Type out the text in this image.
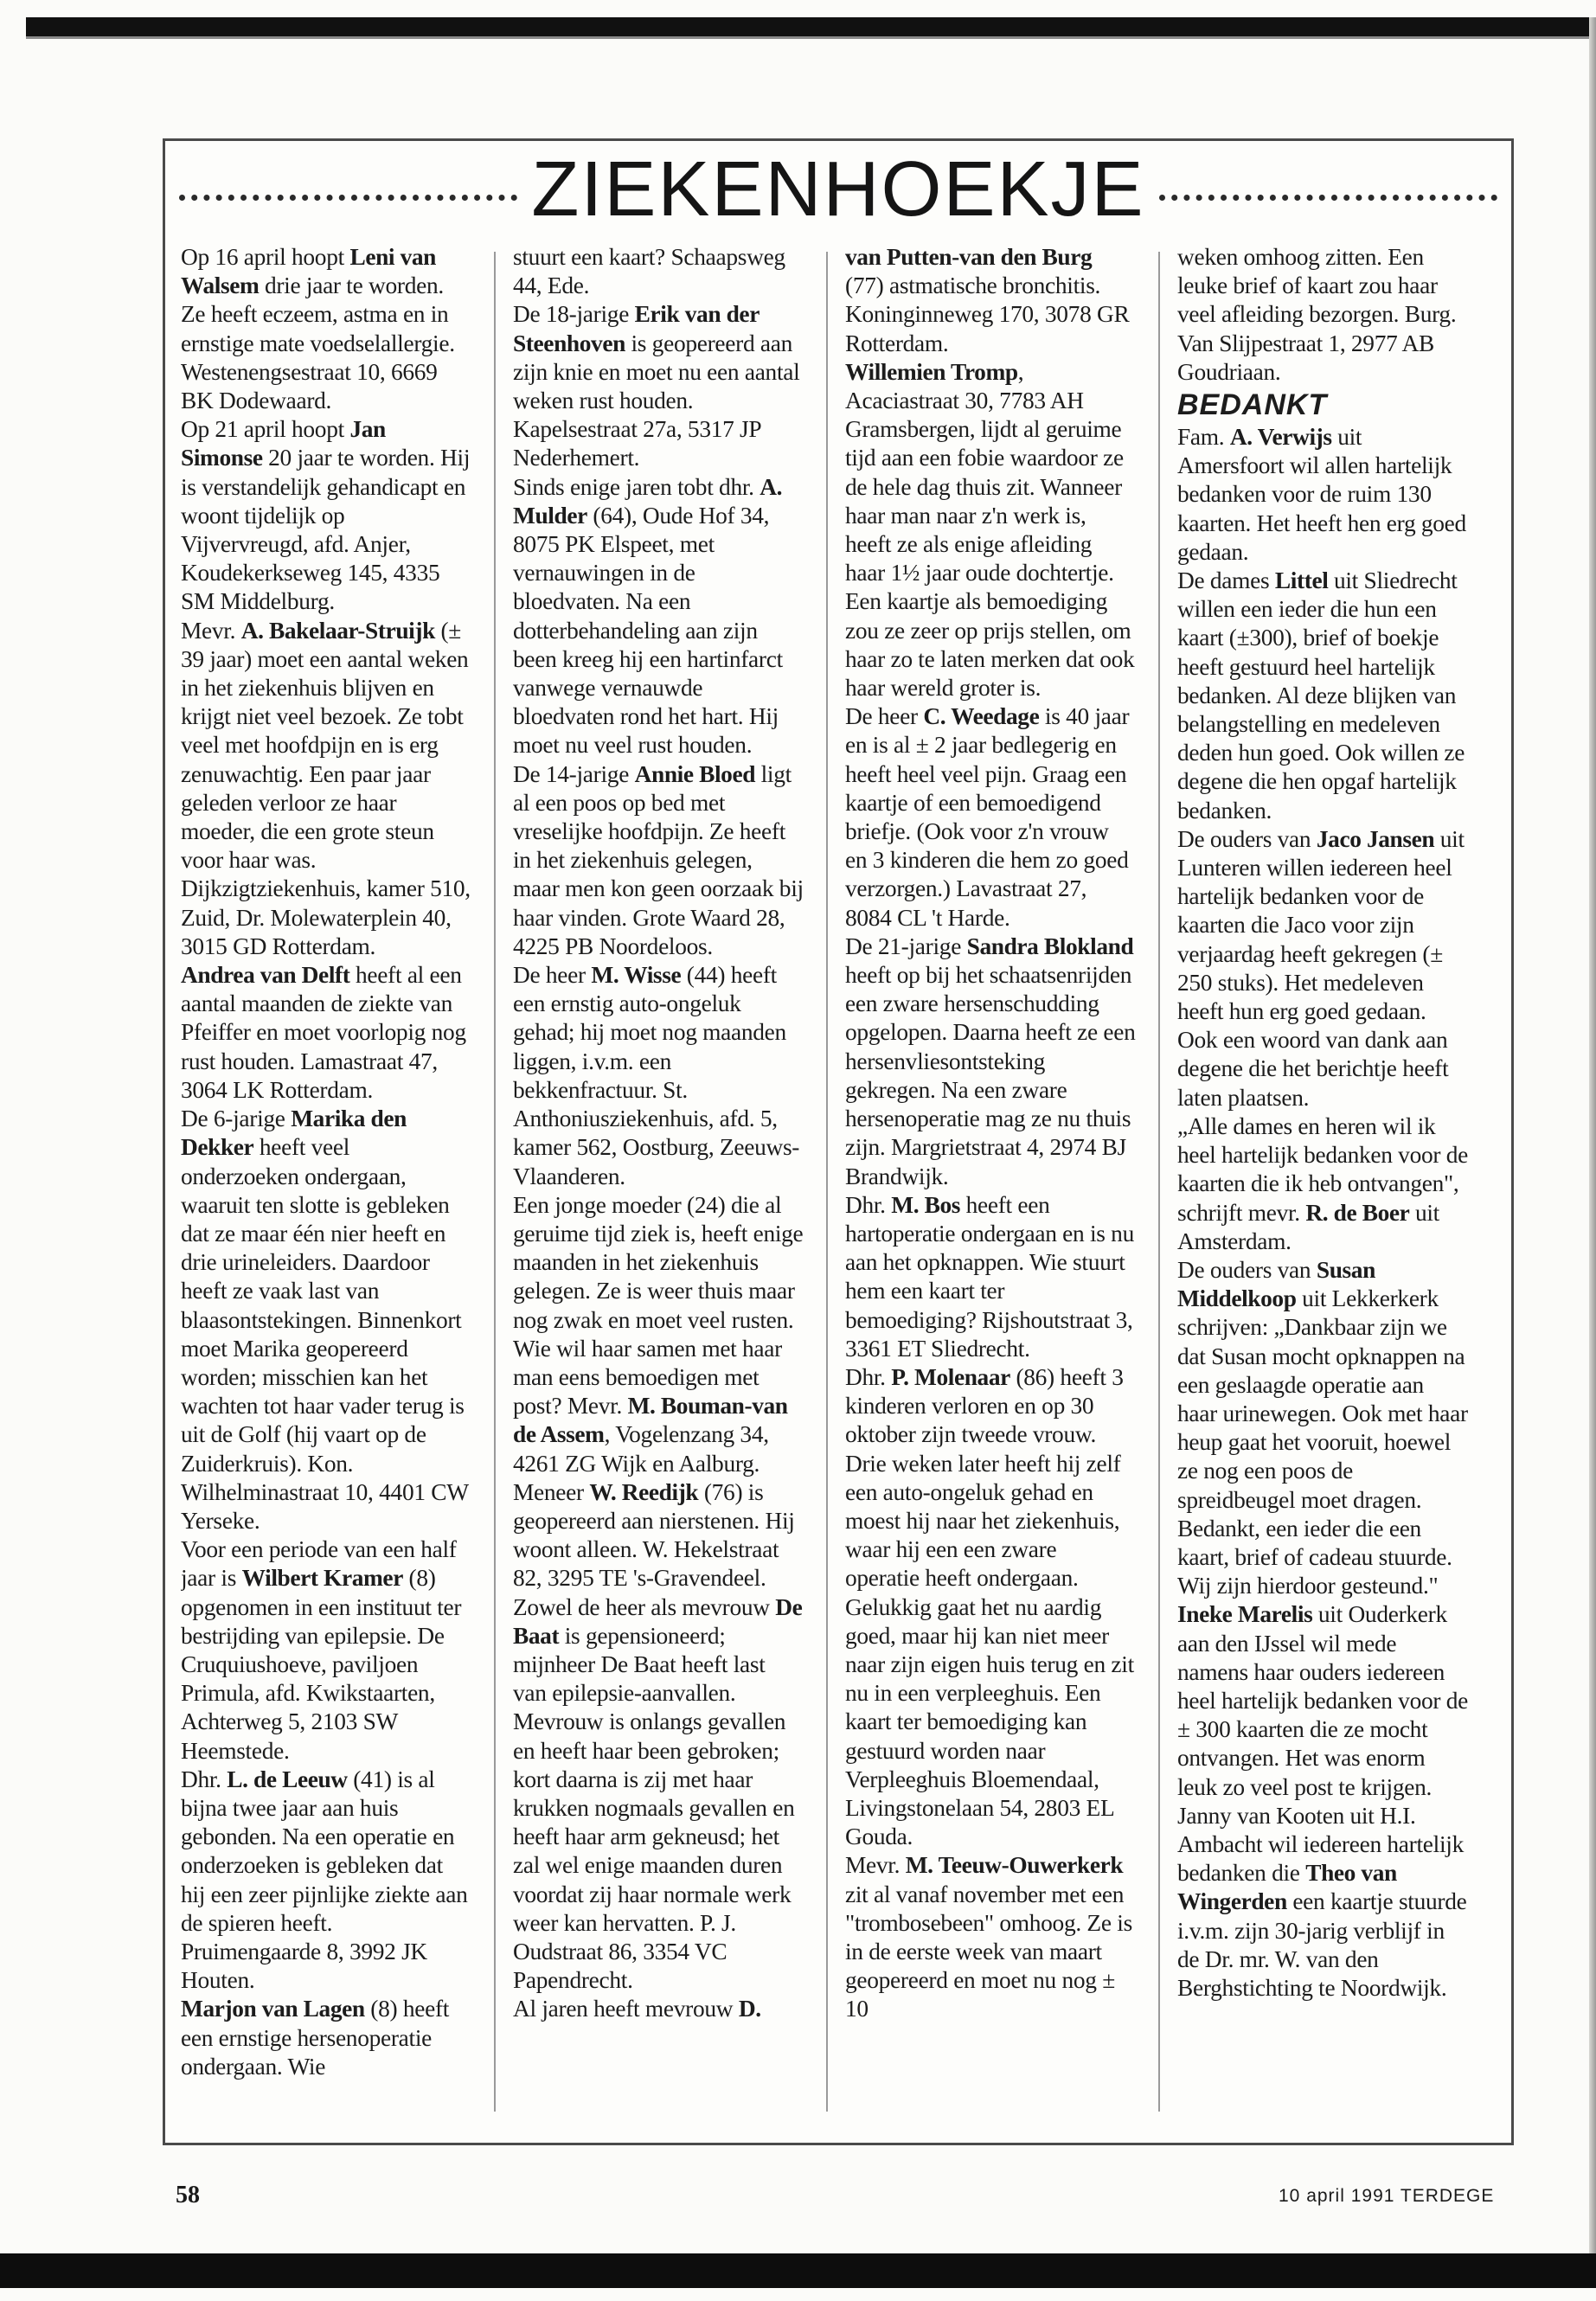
ZIEKENHOEKJE

Op 16 april hoopt Leni van Walsem drie jaar te worden. Ze heeft eczeem, astma en in ernstige mate voedselallergie. Westenengsestraat 10, 6669 BK Dodewaard.

Op 21 april hoopt Jan Simonse 20 jaar te worden. Hij is verstandelijk gehandicapt en woont tijdelijk op Vijvervreugd, afd. Anjer, Koudekerkseweg 145, 4335 SM Middelburg.

Mevr. A. Bakelaar-Struijk (± 39 jaar) moet een aantal weken in het ziekenhuis blijven en krijgt niet veel bezoek. Ze tobt veel met hoofdpijn en is erg zenuwachtig. Een paar jaar geleden verloor ze haar moeder, die een grote steun voor haar was. Dijkzigtziekenhuis, kamer 510, Zuid, Dr. Molewaterplein 40, 3015 GD Rotterdam.

Andrea van Delft heeft al een aantal maanden de ziekte van Pfeiffer en moet voorlopig nog rust houden. Lamastraat 47, 3064 LK Rotterdam.

De 6-jarige Marika den Dekker heeft veel onderzoeken ondergaan, waaruit ten slotte is gebleken dat ze maar één nier heeft en drie urineleiders. Daardoor heeft ze vaak last van blaasontstekingen. Binnenkort moet Marika geopereerd worden; misschien kan het wachten tot haar vader terug is uit de Golf (hij vaart op de Zuiderkruis). Kon. Wilhelminastraat 10, 4401 CW Yerseke.

Voor een periode van een half jaar is Wilbert Kramer (8) opgenomen in een instituut ter bestrijding van epilepsie. De Cruquiushoeve, paviljoen Primula, afd. Kwikstaarten, Achterweg 5, 2103 SW Heemstede.

Dhr. L. de Leeuw (41) is al bijna twee jaar aan huis gebonden. Na een operatie en onderzoeken is gebleken dat hij een zeer pijnlijke ziekte aan de spieren heeft. Pruimengaarde 8, 3992 JK Houten.

Marjon van Lagen (8) heeft een ernstige hersenoperatie ondergaan. Wie

stuurt een kaart? Schaapsweg 44, Ede.

De 18-jarige Erik van der Steenhoven is geopereerd aan zijn knie en moet nu een aantal weken rust houden. Kapelsestraat 27a, 5317 JP Nederhemert.

Sinds enige jaren tobt dhr. A. Mulder (64), Oude Hof 34, 8075 PK Elspeet, met vernauwingen in de bloedvaten. Na een dotterbehandeling aan zijn been kreeg hij een hartinfarct vanwege vernauwde bloedvaten rond het hart. Hij moet nu veel rust houden.

De 14-jarige Annie Bloed ligt al een poos op bed met vreselijke hoofdpijn. Ze heeft in het ziekenhuis gelegen, maar men kon geen oorzaak bij haar vinden. Grote Waard 28, 4225 PB Noordeloos.

De heer M. Wisse (44) heeft een ernstig auto-ongeluk gehad; hij moet nog maanden liggen, i.v.m. een bekkenfractuur. St. Anthoniusziekenhuis, afd. 5, kamer 562, Oostburg, Zeeuws-Vlaanderen.

Een jonge moeder (24) die al geruime tijd ziek is, heeft enige maanden in het ziekenhuis gelegen. Ze is weer thuis maar nog zwak en moet veel rusten. Wie wil haar samen met haar man eens bemoedigen met post? Mevr. M. Bouman-van de Assem, Vogelenzang 34, 4261 ZG Wijk en Aalburg.

Meneer W. Reedijk (76) is geopereerd aan nierstenen. Hij woont alleen. W. Hekelstraat 82, 3295 TE 's-Gravendeel.

Zowel de heer als mevrouw De Baat is gepensioneerd; mijnheer De Baat heeft last van epilepsie-aanvallen. Mevrouw is onlangs gevallen en heeft haar been gebroken; kort daarna is zij met haar krukken nogmaals gevallen en heeft haar arm gekneusd; het zal wel enige maanden duren voordat zij haar normale werk weer kan hervatten. P. J. Oudstraat 86, 3354 VC Papendrecht.

Al jaren heeft mevrouw D.

van Putten-van den Burg (77) astmatische bronchitis. Koninginneweg 170, 3078 GR Rotterdam.

Willemien Tromp, Acaciastraat 30, 7783 AH Gramsbergen, lijdt al geruime tijd aan een fobie waardoor ze de hele dag thuis zit. Wanneer haar man naar z'n werk is, heeft ze als enige afleiding haar 1½ jaar oude dochtertje. Een kaartje als bemoediging zou ze zeer op prijs stellen, om haar zo te laten merken dat ook haar wereld groter is.

De heer C. Weedage is 40 jaar en is al ± 2 jaar bedlegerig en heeft heel veel pijn. Graag een kaartje of een bemoedigend briefje. (Ook voor z'n vrouw en 3 kinderen die hem zo goed verzorgen.) Lavastraat 27, 8084 CL 't Harde.

De 21-jarige Sandra Blokland heeft op bij het schaatsenrijden een zware hersenschudding opgelopen. Daarna heeft ze een hersenvliesontsteking gekregen. Na een zware hersenoperatie mag ze nu thuis zijn. Margrietstraat 4, 2974 BJ Brandwijk.

Dhr. M. Bos heeft een hartoperatie ondergaan en is nu aan het opknappen. Wie stuurt hem een kaart ter bemoediging? Rijshoutstraat 3, 3361 ET Sliedrecht.

Dhr. P. Molenaar (86) heeft 3 kinderen verloren en op 30 oktober zijn tweede vrouw. Drie weken later heeft hij zelf een auto-ongeluk gehad en moest hij naar het ziekenhuis, waar hij een een zware operatie heeft ondergaan. Gelukkig gaat het nu aardig goed, maar hij kan niet meer naar zijn eigen huis terug en zit nu in een verpleeghuis. Een kaart ter bemoediging kan gestuurd worden naar Verpleeghuis Bloemendaal, Livingstonelaan 54, 2803 EL Gouda.

Mevr. M. Teeuw-Ouwerkerk zit al vanaf november met een "trombosebeen" omhoog. Ze is in de eerste week van maart geopereerd en moet nu nog ± 10

weken omhoog zitten. Een leuke brief of kaart zou haar veel afleiding bezorgen. Burg. Van Slijpestraat 1, 2977 AB Goudriaan.

BEDANKT

Fam. A. Verwijs uit Amersfoort wil allen hartelijk bedanken voor de ruim 130 kaarten. Het heeft hen erg goed gedaan.

De dames Littel uit Sliedrecht willen een ieder die hun een kaart (±300), brief of boekje heeft gestuurd heel hartelijk bedanken. Al deze blijken van belangstelling en medeleven deden hun goed. Ook willen ze degene die hen opgaf hartelijk bedanken.

De ouders van Jaco Jansen uit Lunteren willen iedereen heel hartelijk bedanken voor de kaarten die Jaco voor zijn verjaardag heeft gekregen (± 250 stuks). Het medeleven heeft hun erg goed gedaan. Ook een woord van dank aan degene die het berichtje heeft laten plaatsen.

„Alle dames en heren wil ik heel hartelijk bedanken voor de kaarten die ik heb ontvangen", schrijft mevr. R. de Boer uit Amsterdam.

De ouders van Susan Middelkoop uit Lekkerkerk schrijven: „Dankbaar zijn we dat Susan mocht opknappen na een geslaagde operatie aan haar urinewegen. Ook met haar heup gaat het vooruit, hoewel ze nog een poos de spreidbeugel moet dragen. Bedankt, een ieder die een kaart, brief of cadeau stuurde. Wij zijn hierdoor gesteund."

Ineke Marelis uit Ouderkerk aan den IJssel wil mede namens haar ouders iedereen heel hartelijk bedanken voor de ± 300 kaarten die ze mocht ontvangen. Het was enorm leuk zo veel post te krijgen.

Janny van Kooten uit H.I. Ambacht wil iedereen hartelijk bedanken die Theo van Wingerden een kaartje stuurde i.v.m. zijn 30-jarig verblijf in de Dr. mr. W. van den Berghstichting te Noordwijk.

58	10 april 1991 TERDEGE
